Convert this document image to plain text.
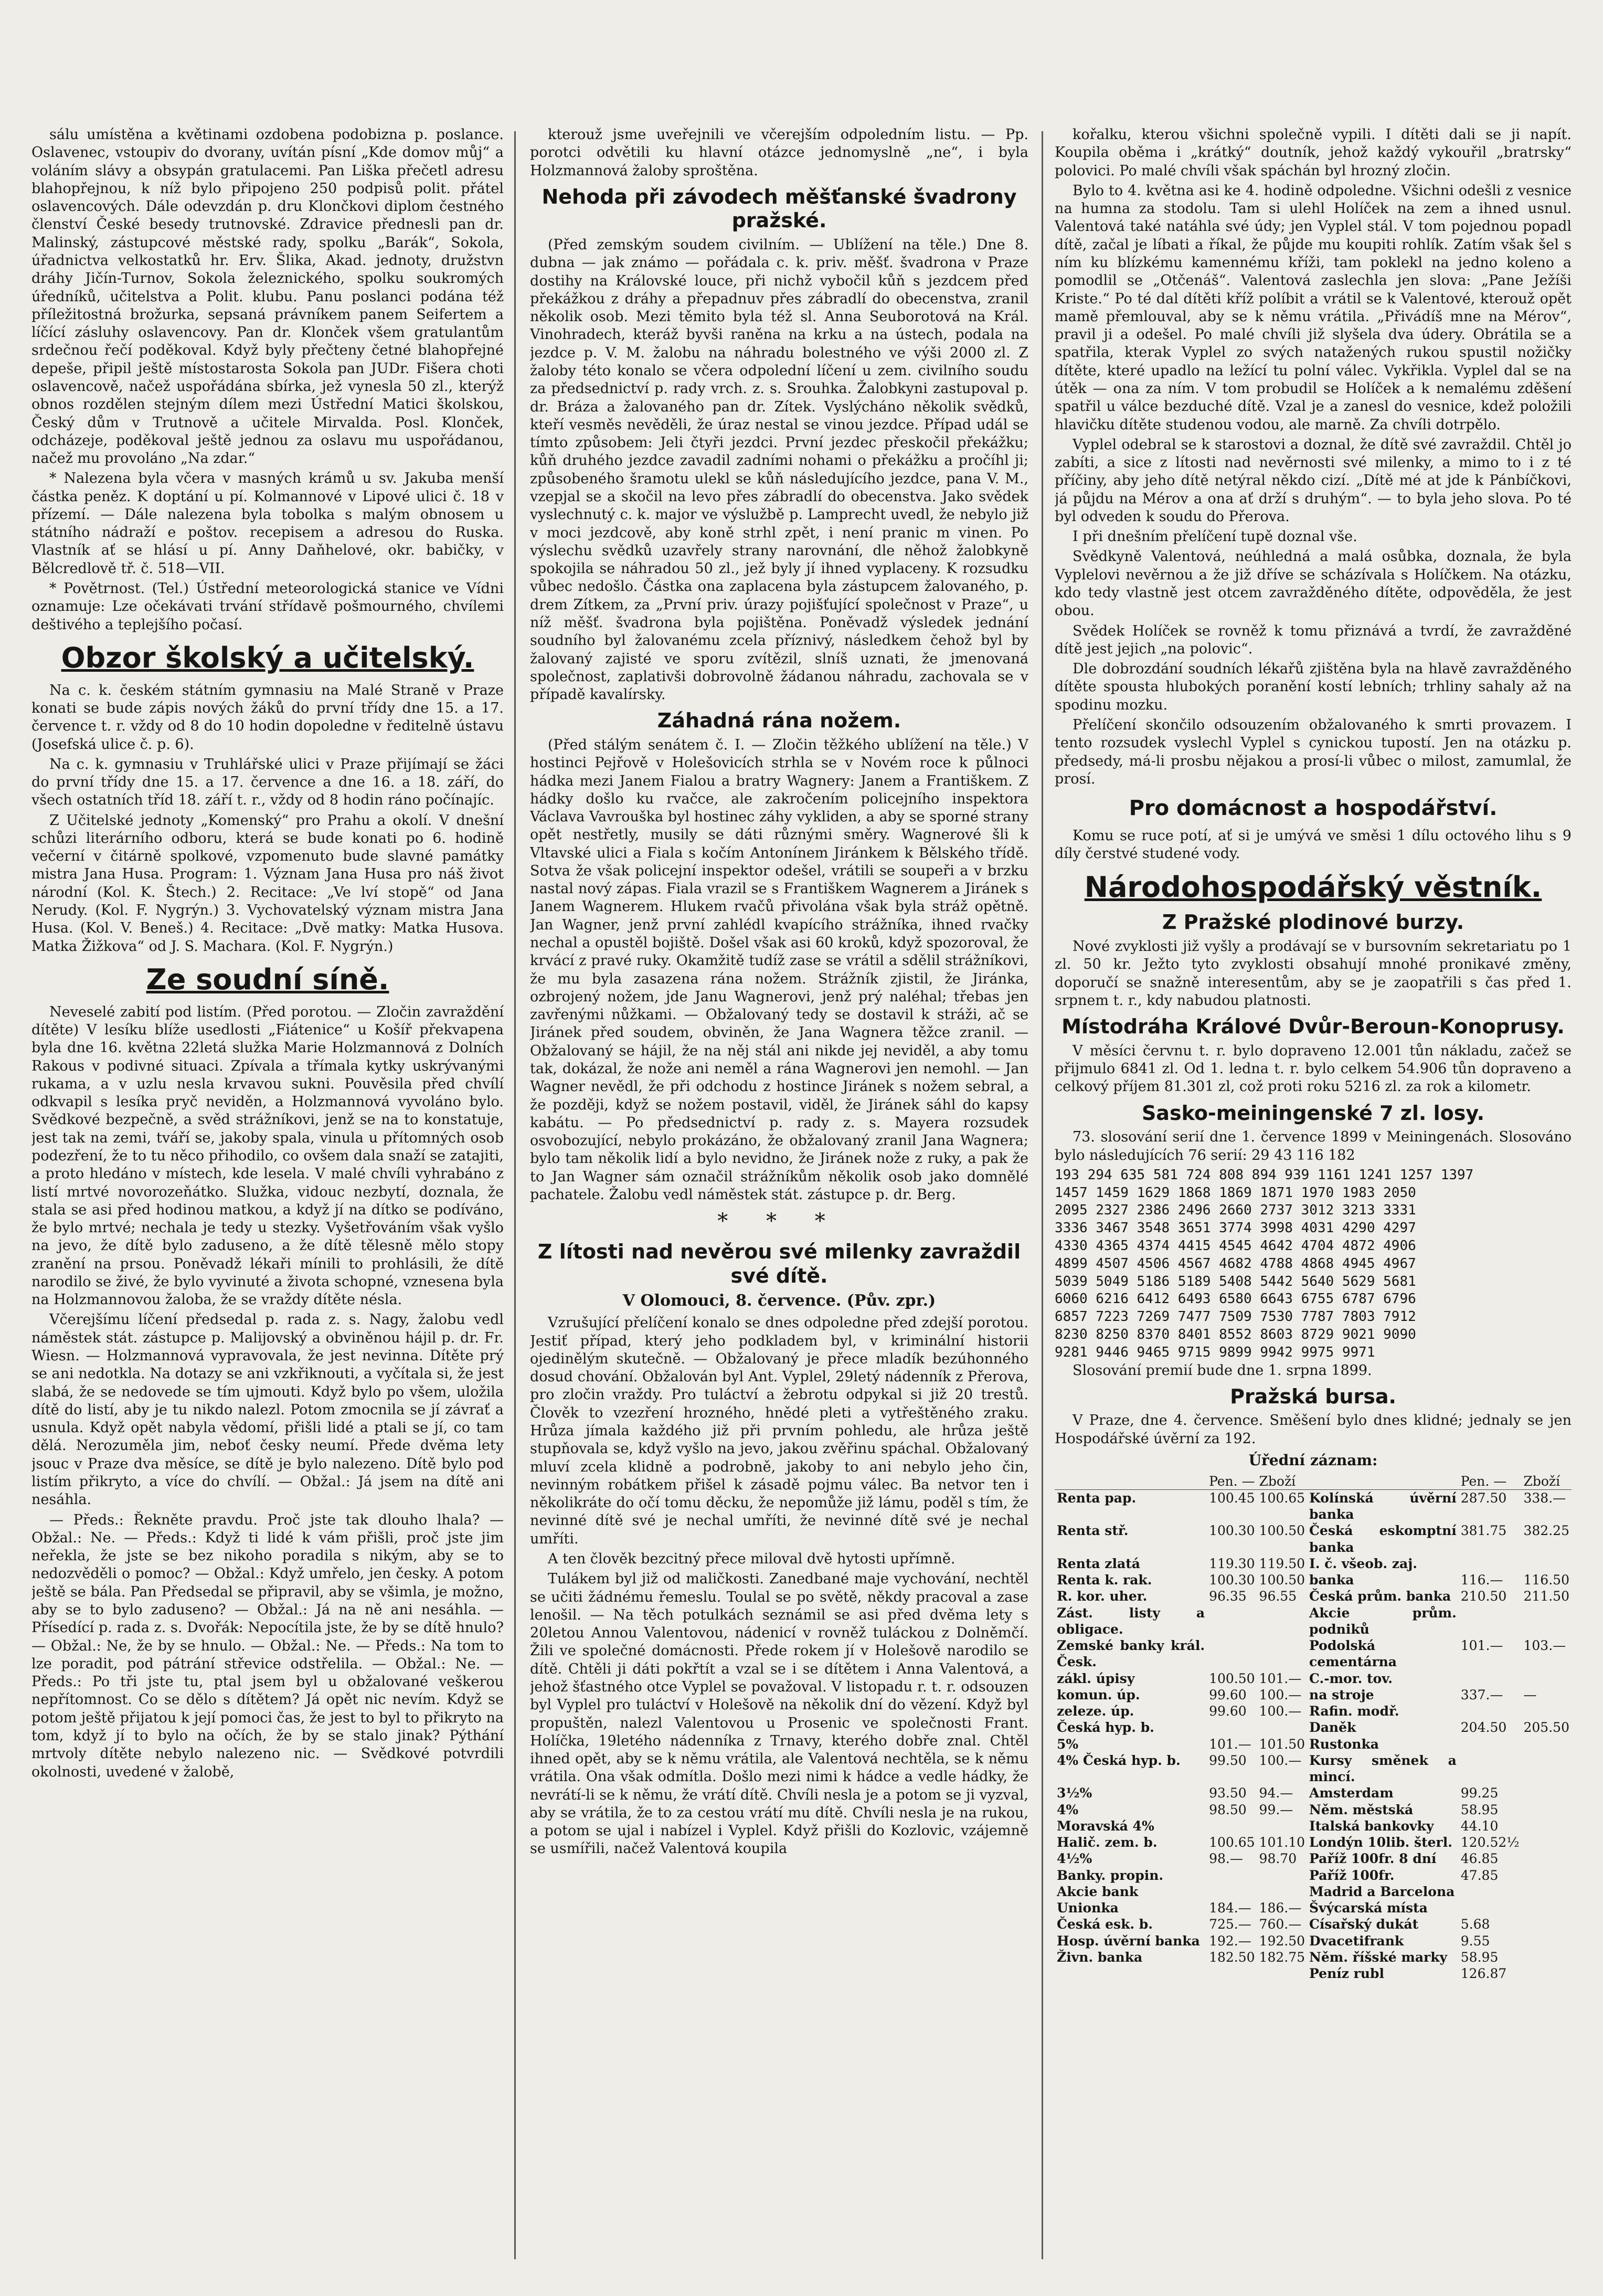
sálu umístěna a květinami ozdobena podobizna p. poslance. Oslavenec, vstoupiv do dvorany, uvítán písní „Kde domov můj“ a voláním slávy a obsypán gratulacemi. Pan Liška přečetl adresu blahopřejnou, k níž bylo připojeno 250 podpisů polit. přátel oslavencových. Dále odevzdán p. dru Klončkovi diplom čestného členství České besedy trutnovské. Zdravice přednesli pan dr. Malinský, zástupcové městské rady, spolku „Barák“, Sokola, úřadnictva velkostatků hr. Erv. Šlika, Akad. jednoty, družstvn dráhy Jičín-Turnov, Sokola železnického, spolku soukromých úředníků, učitelstva a Polit. klubu. Panu poslanci podána též příležitostná brožurka, sepsaná právníkem panem Seifertem a líčící zásluhy oslavencovy. Pan dr. Klonček všem gratulantům srdečnou řečí poděkoval. Když byly přečteny četné blahopřejné depeše, připil ještě místostarosta Sokola pan JUDr. Fišera choti oslavencově, načež uspořádána sbírka, jež vynesla 50 zl., kterýž obnos rozdělen stejným dílem mezi Ústřední Matici školskou, Český dům v Trutnově a učitele Mirvalda. Posl. Klonček, odcházeje, poděkoval ještě jednou za oslavu mu uspořádanou, načež mu provoláno „Na zdar.“

* Nalezena byla včera v masných krámů u sv. Jakuba menší částka peněz. K doptání u pí. Kolmannové v Lipové ulici č. 18 v přízemí. — Dále nalezena byla tobolka s malým obnosem u státního nádraží e poštov. recepisem a adresou do Ruska. Vlastník ať se hlásí u pí. Anny Daňhelové, okr. babičky, v Bělcredlově tř. č. 518—VII.

* Povětrnost. (Tel.) Ústřední meteorologická stanice ve Vídni oznamuje: Lze očekávati trvání střídavě pošmourného, chvílemi deštivého a teplejšího počasí.

Obzor školský a učitelský.

Na c. k. českém státním gymnasiu na Malé Straně v Praze konati se bude zápis nových žáků do první třídy dne 15. a 17. července t. r. vždy od 8 do 10 hodin dopoledne v ředitelně ústavu (Josefská ulice č. p. 6).

Na c. k. gymnasiu v Truhlářské ulici v Praze přijímají se žáci do první třídy dne 15. a 17. července a dne 16. a 18. září, do všech ostatních tříd 18. září t. r., vždy od 8 hodin ráno počínajíc.

Z Učitelské jednoty „Komenský“ pro Prahu a okolí. V dnešní schůzi literárního odboru, která se bude konati po 6. hodině večerní v čitárně spolkové, vzpomenuto bude slavné památky mistra Jana Husa. Program: 1. Význam Jana Husa pro náš život národní (Kol. K. Štech.) 2. Recitace: „Ve lví stopě“ od Jana Nerudy. (Kol. F. Nygrýn.) 3. Vychovatelský význam mistra Jana Husa. (Kol. V. Beneš.) 4. Recitace: „Dvě matky: Matka Husova. Matka Žižkova“ od J. S. Machara. (Kol. F. Nygrýn.)

Ze soudní síně.

Neveselé zabití pod listím. (Před porotou. — Zločin zavraždění dítěte) V lesíku blíže usedlosti „Fiátenice“ u Košíř překvapena byla dne 16. května 22letá služka Marie Holzmannová z Dolních Rakous v podivné situaci. Zpívala a třímala kytky uskrývanými rukama, a v uzlu nesla krvavou sukni. Pouvěsila před chvílí odkvapil s lesíka pryč neviděn, a Holzmannová vyvoláno bylo. Svědkové bezpečně, a svěd strážníkovi, jenž se na to konstatuje, jest tak na zemi, tváří se, jakoby spala, vinula u přítomných osob podezření, že to tu něco přihodilo, co ovšem dala snaží se zatajiti, a proto hledáno v místech, kde lesela. V malé chvíli vyhrabáno z listí mrtvé novorozeňátko. Služka, vidouc nezbytí, doznala, že stala se asi před hodinou matkou, a když jí na dítko se podíváno, že bylo mrtvé; nechala je tedy u stezky. Vyšetřováním však vyšlo na jevo, že dítě bylo zaduseno, a že dítě tělesně mělo stopy zranění na prsou. Poněvadž lékaři mínili to prohlásili, že dítě narodilo se živé, že bylo vyvinuté a života schopné, vznesena byla na Holzmannovou žaloba, že se vraždy dítěte nésla.

Včerejšímu líčení předsedal p. rada z. s. Nagy, žalobu vedl náměstek stát. zástupce p. Malijovský a obviněnou hájil p. dr. Fr. Wiesn. — Holzmannová vypravovala, že jest nevinna. Dítěte prý se ani nedotkla. Na dotazy se ani vzkřiknouti, a vyčítala si, že jest slabá, že se nedovede se tím ujmouti. Když bylo po všem, uložila dítě do listí, aby je tu nikdo nalezl. Potom zmocnila se jí závrať a usnula. Když opět nabyla vědomí, přišli lidé a ptali se jí, co tam dělá. Nerozuměla jim, neboť česky neumí. Přede dvěma lety jsouc v Praze dva měsíce, se dítě je bylo nalezeno. Dítě bylo pod listím přikryto, a více do chvílí. — Obžal.: Já jsem na dítě ani nesáhla.

— Předs.: Řekněte pravdu. Proč jste tak dlouho lhala? — Obžal.: Ne. — Předs.: Když ti lidé k vám přišli, proč jste jim neřekla, že jste se bez nikoho poradila s nikým, aby se to nedozvěděli o pomoc? — Obžal.: Když umřelo, jen česky. A potom ještě se bála. Pan Předsedal se připravil, aby se všimla, je možno, aby se to bylo zaduseno? — Obžal.: Já na ně ani nesáhla. — Přísedící p. rada z. s. Dvořák: Nepocítila jste, že by se dítě hnulo? — Obžal.: Ne, že by se hnulo. — Obžal.: Ne. — Předs.: Na tom to lze poradit, pod pátrání střevice odstřelila. — Obžal.: Ne. — Předs.: Po tři jste tu, ptal jsem byl u obžalované veškerou nepřítomnost. Co se dělo s dítětem? Já opět nic nevím. Když se potom ještě přijatou k její pomoci čas, že jest to byl to přikryto na tom, když jí to bylo na očích, že by se stalo jinak? Pýthání mrtvoly dítěte nebylo nalezeno nic. — Svědkové potvrdili okolnosti, uvedené v žalobě,

kterouž jsme uveřejnili ve včerejším odpoledním listu. — Pp. porotci odvětili ku hlavní otázce jednomyslně „ne“, i byla Holzmannová žaloby sproštěna.

Nehoda při závodech měšťanské švadrony pražské.

(Před zemským soudem civilním. — Ublížení na těle.) Dne 8. dubna — jak známo — pořádala c. k. priv. měšť. švadrona v Praze dostihy na Královské louce, při nichž vybočil kůň s jezdcem před překážkou z dráhy a přepadnuv přes zábradlí do obecenstva, zranil několik osob. Mezi těmito byla též sl. Anna Seuborotová na Král. Vinohradech, kteráž byvši raněna na krku a na ústech, podala na jezdce p. V. M. žalobu na náhradu bolestného ve výši 2000 zl. Z žaloby této konalo se včera odpolední líčení u zem. civilního soudu za předsednictví p. rady vrch. z. s. Srouhka. Žalobkyni zastupoval p. dr. Bráza a žalovaného pan dr. Zítek. Vyslýcháno několik svědků, kteří vesměs nevěděli, že úraz nestal se vinou jezdce. Případ udál se tímto způsobem: Jeli čtyři jezdci. První jezdec přeskočil překážku; kůň druhého jezdce zavadil zadními nohami o překážku a pročíhl ji; způsobeného šramotu ulekl se kůň následujícího jezdce, pana V. M., vzepjal se a skočil na levo přes zábradlí do obecenstva. Jako svědek vyslechnutý c. k. major ve výslužbě p. Lamprecht uvedl, že nebylo již v moci jezdcově, aby koně strhl zpět, i není pranic m vinen. Po výslechu svědků uzavřely strany narovnání, dle něhož žalobkyně spokojila se náhradou 50 zl., jež byly jí ihned vyplaceny. K rozsudku vůbec nedošlo. Částka ona zaplacena byla zástupcem žalovaného, p. drem Zítkem, za „První priv. úrazy pojišťující společnost v Praze“, u níž měšť. švadrona byla pojištěna. Poněvadž výsledek jednání soudního byl žalovanému zcela příznivý, následkem čehož byl by žalovaný zajisté ve sporu zvítězil, slníš uznati, že jmenovaná společnost, zaplativši dobrovolně žádanou náhradu, zachovala se v případě kavalírsky.

Záhadná rána nožem.

(Před stálým senátem č. I. — Zločin těžkého ublížení na těle.) V hostinci Pejřově v Holešovicích strhla se v Novém roce k půlnoci hádka mezi Janem Fialou a bratry Wagnery: Janem a Františkem. Z hádky došlo ku rvačce, ale zakročením policejního inspektora Václava Vavrouška byl hostinec záhy vykliden, a aby se sporné strany opět nestřetly, musily se dáti různými směry. Wagnerové šli k Vltavské ulici a Fiala s kočím Antonínem Jiránkem k Bělského třídě. Sotva že však policejní inspektor odešel, vrátili se soupeři a v brzku nastal nový zápas. Fiala vrazil se s Františkem Wagnerem a Jiránek s Janem Wagnerem. Hlukem rvačů přivolána však byla stráž opětně. Jan Wagner, jenž první zahlédl kvapícího strážníka, ihned rvačky nechal a opustěl bojiště. Došel však asi 60 kroků, když spozoroval, že krvácí z pravé ruky. Okamžitě tudíž zase se vrátil a sdělil strážníkovi, že mu byla zasazena rána nožem. Strážník zjistil, že Jiránka, ozbrojený nožem, jde Janu Wagnerovi, jenž prý naléhal; třebas jen zavřenými nůžkami. — Obžalovaný tedy se dostavil k stráži, ač se Jiránek před soudem, obviněn, že Jana Wagnera těžce zranil. — Obžalovaný se hájil, že na něj stál ani nikde jej neviděl, a aby tomu tak, dokázal, že nože ani neměl a rána Wagnerovi jen nemohl. — Jan Wagner nevědl, že při odchodu z hostince Jiránek s nožem sebral, a že později, když se nožem postavil, viděl, že Jiránek sáhl do kapsy kabátu. — Po předsednictví p. rady z. s. Mayera rozsudek osvobozující, nebylo prokázáno, že obžalovaný zranil Jana Wagnera; bylo tam několik lidí a bylo nevidno, že Jiránek nože z ruky, a pak že to Jan Wagner sám označil strážníkům několik osob jako domnělé pachatele. Žalobu vedl náměstek stát. zástupce p. dr. Berg.

* * *
Z lítosti nad nevěrou své milenky zavraždil své dítě.
V Olomouci, 8. července. (Pův. zpr.)

Vzrušující přelíčení konalo se dnes odpoledne před zdejší porotou. Jestiť případ, který jeho podkladem byl, v kriminální historii ojedinělým skutečně. — Obžalovaný je přece mladík bezúhonného dosud chování. Obžalován byl Ant. Vyplel, 29letý nádenník z Přerova, pro zločin vraždy. Pro tuláctví a žebrotu odpykal si již 20 trestů. Člověk to vzezření hrozného, hnědé pleti a vytřeštěného zraku. Hrůza jímala každého již při prvním pohledu, ale hrůza ještě stupňovala se, když vyšlo na jevo, jakou zvěřinu spáchal. Obžalovaný mluví zcela klidně a podrobně, jakoby to ani nebylo jeho čin, nevinným robátkem přišel k zásadě pojmu válec. Ba netvor ten i několikráte do očí tomu děcku, že nepomůže již lámu, poděl s tím, že nevinné dítě své je nechal umříti, že nevinné dítě své je nechal umříti.

A ten člověk bezcitný přece miloval dvě hytosti upřímně.

Tulákem byl již od maličkosti. Zanedbané maje vychování, nechtěl se učiti žádnému řemeslu. Toulal se po světě, někdy pracoval a zase lenošil. — Na těch potulkách seznámil se asi před dvěma lety s 20letou Annou Valentovou, nádenicí v rovněž tuláckou z Dolněmčí. Žili ve společné domácnosti. Přede rokem jí v Holešově narodilo se dítě. Chtěli ji dáti pokřtít a vzal se i se dítětem i Anna Valentová, a jehož šťastného otce Vyplel se považoval. V listopadu r. t. r. odsouzen byl Vyplel pro tuláctví v Holešově na několik dní do vězení. Když byl propuštěn, nalezl Valentovou u Prosenic ve společnosti Frant. Holíčka, 19letého nádenníka z Trnavy, kterého dobře znal. Chtěl ihned opět, aby se k němu vrátila, ale Valentová nechtěla, se k němu vrátila. Ona však odmítla. Došlo mezi nimi k hádce a vedle hádky, že nevrátí-li se k němu, že vrátí dítě. Chvíli nesla je a potom se ji vyzval, aby se vrátila, že to za cestou vrátí mu dítě. Chvíli nesla je na rukou, a potom se ujal i nabízel i Vyplel. Když přišli do Kozlovic, vzájemně se usmířili, načež Valentová koupila

kořalku, kterou všichni společně vypili. I dítěti dali se ji napít. Koupila oběma i „krátký“ doutník, jehož každý vykouřil „bratrsky“ polovici. Po malé chvíli však spáchán byl hrozný zločin.

Bylo to 4. května asi ke 4. hodině odpoledne. Všichni odešli z vesnice na humna za stodolu. Tam si ulehl Holíček na zem a ihned usnul. Valentová také natáhla své údy; jen Vyplel stál. V tom pojednou popadl dítě, začal je líbati a říkal, že půjde mu koupiti rohlík. Zatím však šel s ním ku blízkému kamennému kříži, tam poklekl na jedno koleno a pomodlil se „Otčenáš“. Valentová zaslechla jen slova: „Pane Ježíši Kriste.“ Po té dal dítěti kříž políbit a vrátil se k Valentové, kterouž opět mamě přemlouval, aby se k němu vrátila. „Přivádíš mne na Mérov“, pravil ji a odešel. Po malé chvíli již slyšela dva údery. Obrátila se a spatřila, kterak Vyplel zo svých natažených rukou spustil nožičky dítěte, které upadlo na ležící tu polní válec. Vykřikla. Vyplel dal se na útěk — ona za ním. V tom probudil se Holíček a k nemalému zděšení spatřil u válce bezduché dítě. Vzal je a zanesl do vesnice, kdež položili hlavičku dítěte studenou vodou, ale marně. Za chvíli dotrpělo.

Vyplel odebral se k starostovi a doznal, že dítě své zavraždil. Chtěl jo zabíti, a sice z lítosti nad nevěrnosti své milenky, a mimo to i z té příčiny, aby jeho dítě netýral někdo cizí. „Dítě mé at jde k Pánbíčkovi, já půjdu na Mérov a ona ať drží s druhým“. — to byla jeho slova. Po té byl odveden k soudu do Přerova.

I při dnešním přelíčení tupě doznal vše.

Svědkyně Valentová, neúhledná a malá osůbka, doznala, že byla Vyplelovi nevěrnou a že již dříve se scházívala s Holíčkem. Na otázku, kdo tedy vlastně jest otcem zavražděného dítěte, odpověděla, že jest obou.

Svědek Holíček se rovněž k tomu přiznává a tvrdí, že zavražděné dítě jest jejich „na polovic“.

Dle dobrozdání soudních lékařů zjištěna byla na hlavě zavražděného dítěte spousta hlubokých poranění kostí lebních; trhliny sahaly až na spodinu mozku.

Přelíčení skončilo odsouzením obžalovaného k smrti provazem. I tento rozsudek vyslechl Vyplel s cynickou tupostí. Jen na otázku p. předsedy, má-li prosbu nějakou a prosí-li vůbec o milost, zamumlal, že prosí.

Pro domácnost a hospodářství.

Komu se ruce potí, ať si je umývá ve směsi 1 dílu octového lihu s 9 díly čerstvé studené vody.

Národohospodářský věstník.
Z Pražské plodinové burzy.

Nové zvyklosti již vyšly a prodávají se v bursovním sekretariatu po 1 zl. 50 kr. Ježto tyto zvyklosti obsahují mnohé pronikavé změny, doporučí se snažně interesentům, aby se je zaopatřili s čas před 1. srpnem t. r., kdy nabudou platnosti.

Místodráha Králové Dvůr-Beroun-Konoprusy.

V měsíci červnu t. r. bylo dopraveno 12.001 tůn nákladu, začež se přijmulo 6841 zl. Od 1. ledna t. r. bylo celkem 54.906 tůn dopraveno a celkový příjem 81.301 zl, což proti roku 5216 zl. za rok a kilometr.

Sasko-meiningenské 7 zl. losy.

73. slosování serií dne 1. července 1899 v Meiningenách. Slosováno bylo následujících 76 serií: 29 43 116 182

193 294 635 581 724 808 894 939 1161 1241 1257 1397
1457 1459 1629 1868 1869 1871 1970 1983 2050
2095 2327 2386 2496 2660 2737 3012 3213 3331
3336 3467 3548 3651 3774 3998 4031 4290 4297
4330 4365 4374 4415 4545 4642 4704 4872 4906
4899 4507 4506 4567 4682 4788 4868 4945 4967
5039 5049 5186 5189 5408 5442 5640 5629 5681
6060 6216 6412 6493 6580 6643 6755 6787 6796
6857 7223 7269 7477 7509 7530 7787 7803 7912
8230 8250 8370 8401 8552 8603 8729 9021 9090
9281 9446 9465 9715 9899 9942 9975 9971

Slosování premií bude dne 1. srpna 1899.

Pražská bursa.

V Praze, dne 4. července. Směšení bylo dnes klidné; jednaly se jen Hospodářské úvěrní za 192.

Úřední záznam:
	Pen. —	Zboží		Pen. —	Zboží
Renta pap.	100.45	100.65	Kolínská úvěrní banka	287.50	338.—
Renta stř.	100.30	100.50	Česká eskomptní banka	381.75	382.25
Renta zlatá	119.30	119.50	I. č. všeob. zaj.		
Renta k. rak.	100.30	100.50	banka	116.—	116.50
R. kor. uher.	96.35	96.55	Česká prům. banka	210.50	211.50
Zást. listy a obligace.			Akcie prům. podniků		
Zemské banky král. Česk.			Podolská cementárna	101.—	103.—
zákl. úpisy	100.50	101.—	C.-mor. tov.		
komun. úp.	99.60	100.—	na stroje	337.—	—
zeleze. úp.	99.60	100.—	Rafin. modř.		
Česká hyp. b.			Daněk	204.50	205.50
5%	101.—	101.50	Rustonka		
4% Česká hyp. b.	99.50	100.—	Kursy směnek a mincí.		
3½%	93.50	94.—	Amsterdam	99.25	
4%	98.50	99.—	Něm. městská	58.95	
Moravská 4%			Italská bankovky	44.10	
Halič. zem. b.	100.65	101.10	Londýn 10lib. šterl.	120.52½	
4½%	98.—	98.70	Paříž 100fr. 8 dní	46.85	
Banky. propin.			Paříž 100fr.	47.85	
Akcie bank			Madrid a Barcelona		
Unionka	184.—	186.—	Švýcarská místa		
Česká esk. b.	725.—	760.—	Císařský dukát	5.68	
Hosp. úvěrní banka	192.—	192.50	Dvacetifrank	9.55	
Živn. banka	182.50	182.75	Něm. říšské marky	58.95	
			Peníz rubl	126.87	
